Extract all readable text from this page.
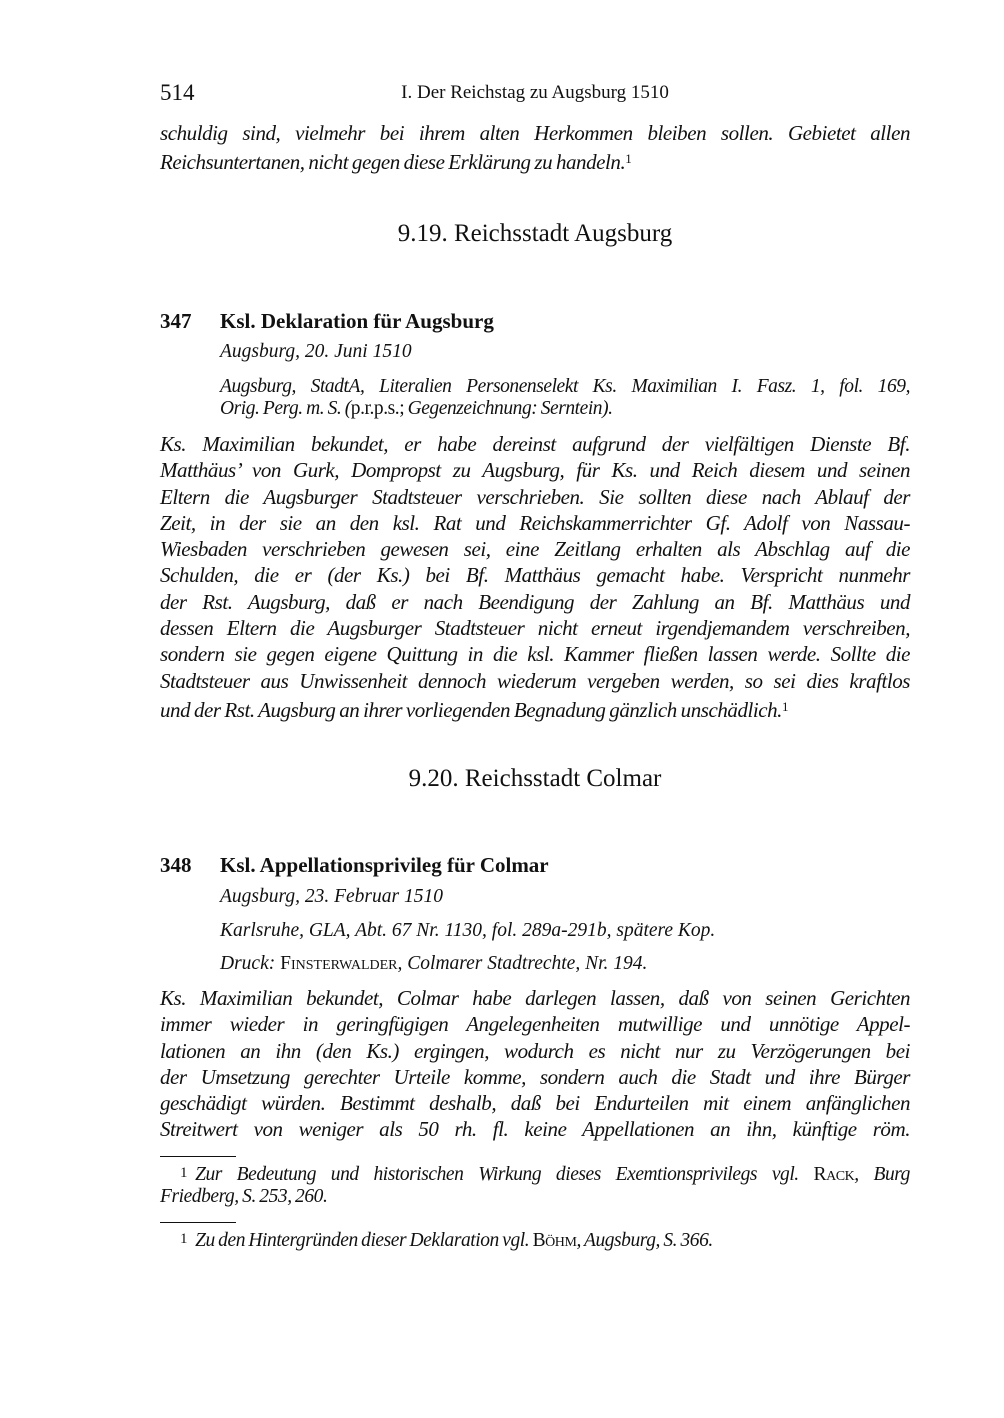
514	I. Der Reichstag zu Augsburg 1510
schuldig sind, vielmehr bei ihrem alten Herkommen bleiben sollen. Gebietet allen
Reichsuntertanen, nicht gegen diese Erklärung zu handeln.$^1$
9.19. Reichsstadt Augsburg
347 Ksl. Deklaration für Augsburg
Augsburg, 20. Juni 1510
Augsburg, StadtA, Literalien Personenselekt Ks. Maximilian I. Fasz. 1, fol. 169,
Orig. Perg. m. S. (p.r.p.s.; Gegenzeichnung: Serntein).
Ks. Maximilian bekundet, er habe dereinst aufgrund der vielfältigen Dienste Bf.
Matthäus’ von Gurk, Dompropst zu Augsburg, für Ks. und Reich diesem und seinen
Eltern die Augsburger Stadtsteuer verschrieben. Sie sollten diese nach Ablauf der
Zeit, in der sie an den ksl. Rat und Reichskammerrichter Gf. Adolf von Nassau-
Wiesbaden verschrieben gewesen sei, eine Zeitlang erhalten als Abschlag auf die
Schulden, die er (der Ks.) bei Bf. Matthäus gemacht habe. Verspricht nunmehr
der Rst. Augsburg, daß er nach Beendigung der Zahlung an Bf. Matthäus und
dessen Eltern die Augsburger Stadtsteuer nicht erneut irgendjemandem verschreiben,
sondern sie gegen eigene Quittung in die ksl. Kammer fließen lassen werde. Sollte die
Stadtsteuer aus Unwissenheit dennoch wiederum vergeben werden, so sei dies kraftlos
und der Rst. Augsburg an ihrer vorliegenden Begnadung gänzlich unschädlich.$^1$
9.20. Reichsstadt Colmar
348 Ksl. Appellationsprivileg für Colmar
Augsburg, 23. Februar 1510
Karlsruhe, GLA, Abt. 67 Nr. 1130, fol. 289a-291b, spätere Kop.
Druck: Finsterwalder, Colmarer Stadtrechte, Nr. 194.
Ks. Maximilian bekundet, Colmar habe darlegen lassen, daß von seinen Gerichten
immer wieder in geringfügigen Angelegenheiten mutwillige und unnötige Appel-
lationen an ihn (den Ks.) ergingen, wodurch es nicht nur zu Verzögerungen bei
der Umsetzung gerechter Urteile komme, sondern auch die Stadt und ihre Bürger
geschädigt würden. Bestimmt deshalb, daß bei Endurteilen mit einem anfänglichen
Streitwert von weniger als 50 rh. fl. keine Appellationen an ihn, künftige röm.
1 Zur Bedeutung und historischen Wirkung dieses Exemtionsprivilegs vgl. Rack, Burg
Friedberg, S. 253, 260.
1 Zu den Hintergründen dieser Deklaration vgl. Böhm, Augsburg, S. 366.
